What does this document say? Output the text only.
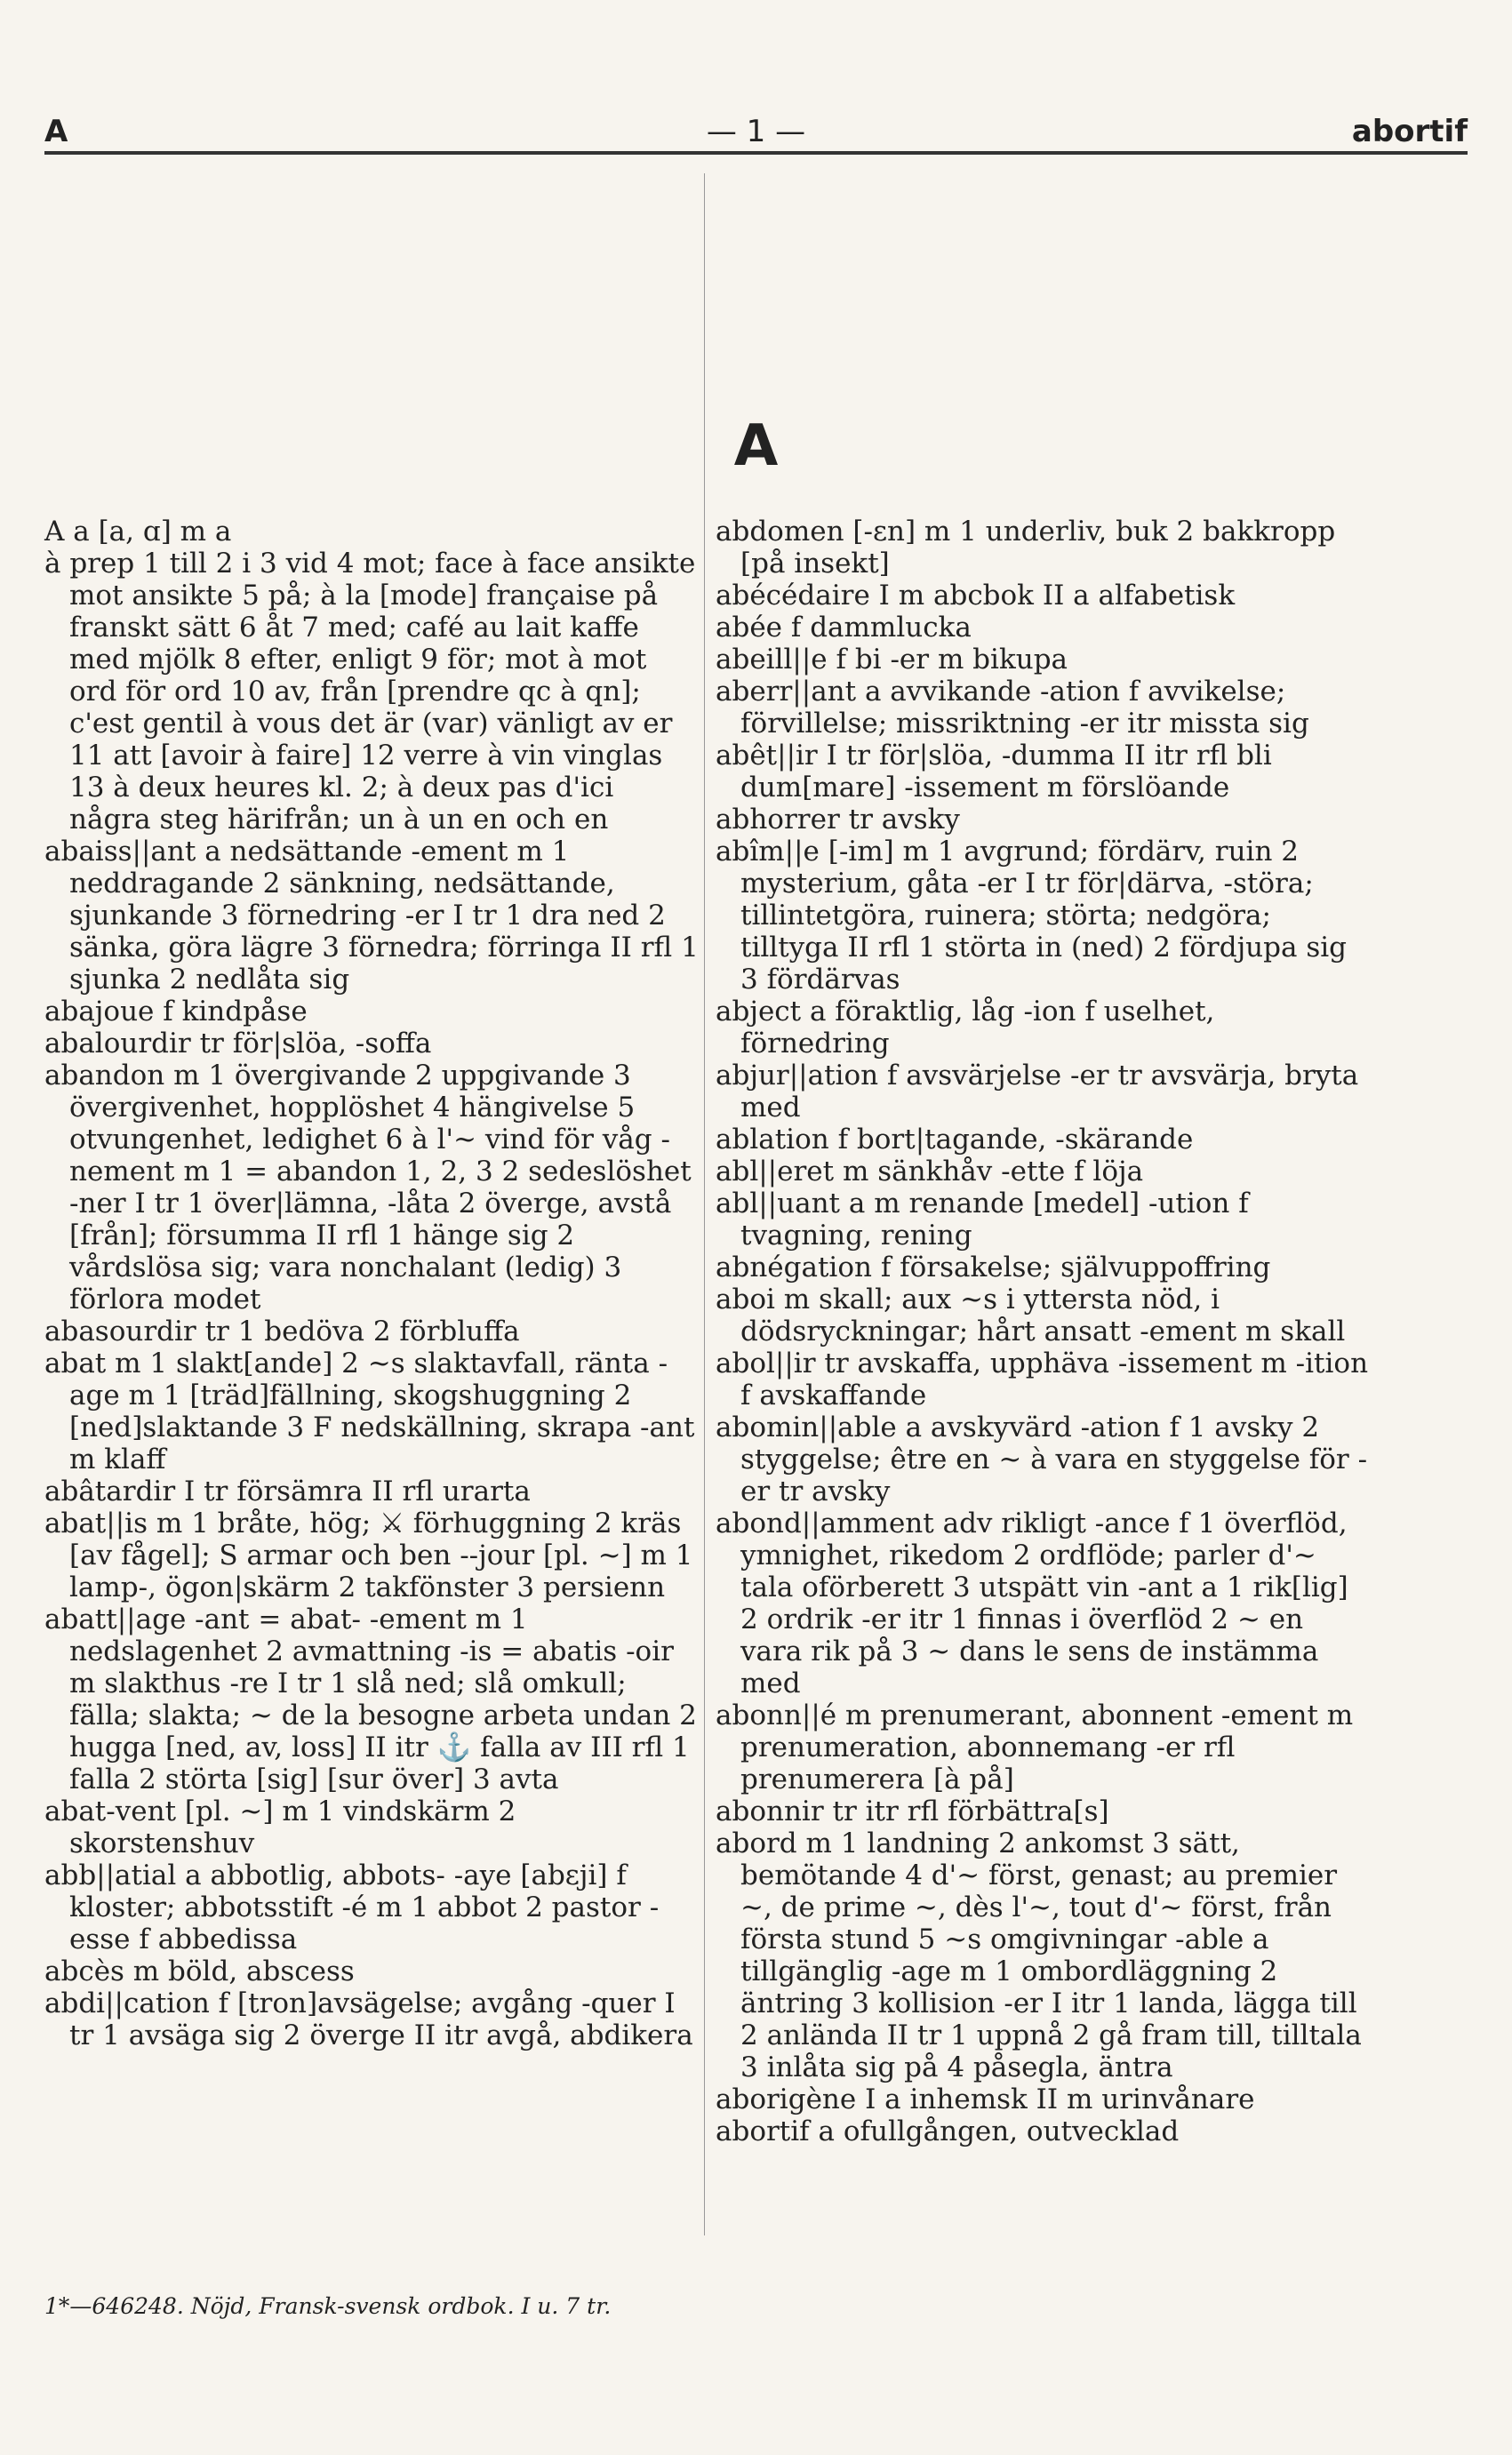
A	— 1 —	abortif
A

A a [a, ɑ] m a

à prep 1 till 2 i 3 vid 4 mot; face à face ansikte mot ansikte 5 på; à la [mode] française på franskt sätt 6 åt 7 med; café au lait kaffe med mjölk 8 efter, enligt 9 för; mot à mot ord för ord 10 av, från [prendre qc à qn]; c'est gentil à vous det är (var) vänligt av er 11 att [avoir à faire] 12 verre à vin vinglas 13 à deux heures kl. 2; à deux pas d'ici några steg härifrån; un à un en och en

abaiss||ant a nedsättande -ement m 1 neddragande 2 sänkning, nedsättande, sjunkande 3 förnedring -er I tr 1 dra ned 2 sänka, göra lägre 3 förnedra; förringa II rfl 1 sjunka 2 nedlåta sig

abajoue f kindpåse

abalourdir tr för|slöa, -soffa

abandon m 1 övergivande 2 uppgivande 3 övergivenhet, hopplöshet 4 hängivelse 5 otvungenhet, ledighet 6 à l'~ vind för våg -nement m 1 = abandon 1, 2, 3 2 sedeslöshet -ner I tr 1 över|lämna, -låta 2 överge, avstå [från]; försumma II rfl 1 hänge sig 2 vårdslösa sig; vara nonchalant (ledig) 3 förlora modet

abasourdir tr 1 bedöva 2 förbluffa

abat m 1 slakt[ande] 2 ~s slaktavfall, ränta -age m 1 [träd]fällning, skogshuggning 2 [ned]slaktande 3 F nedskällning, skrapa -ant m klaff

abâtardir I tr försämra II rfl urarta

abat||is m 1 bråte, hög; ⚔ förhuggning 2 kräs [av fågel]; S armar och ben --jour [pl. ~] m 1 lamp-, ögon|skärm 2 takfönster 3 persienn

abatt||age -ant = abat- -ement m 1 nedslagenhet 2 avmattning -is = abatis -oir m slakthus -re I tr 1 slå ned; slå omkull; fälla; slakta; ~ de la besogne arbeta undan 2 hugga [ned, av, loss] II itr ⚓ falla av III rfl 1 falla 2 störta [sig] [sur över] 3 avta

abat-vent [pl. ~] m 1 vindskärm 2 skorstenshuv

abb||atial a abbotlig, abbots- -aye [abɛji] f kloster; abbotsstift -é m 1 abbot 2 pastor -esse f abbedissa

abcès m böld, abscess

abdi||cation f [tron]avsägelse; avgång -quer I tr 1 avsäga sig 2 överge II itr avgå, abdikera

abdomen [-ɛn] m 1 underliv, buk 2 bakkropp [på insekt]

abécédaire I m abcbok II a alfabetisk

abée f dammlucka

abeill||e f bi -er m bikupa

aberr||ant a avvikande -ation f avvikelse; förvillelse; missriktning -er itr missta sig

abêt||ir I tr för|slöa, -dumma II itr rfl bli dum[mare] -issement m förslöande

abhorrer tr avsky

abîm||e [-im] m 1 avgrund; fördärv, ruin 2 mysterium, gåta -er I tr för|därva, -störa; tillintetgöra, ruinera; störta; nedgöra; tilltyga II rfl 1 störta in (ned) 2 fördjupa sig 3 fördärvas

abject a föraktlig, låg -ion f uselhet, förnedring

abjur||ation f avsvärjelse -er tr avsvärja, bryta med

ablation f bort|tagande, -skärande

abl||eret m sänkhåv -ette f löja

abl||uant a m renande [medel] -ution f tvagning, rening

abnégation f försakelse; självuppoffring

aboi m skall; aux ~s i yttersta nöd, i dödsryckningar; hårt ansatt -ement m skall

abol||ir tr avskaffa, upphäva -issement m -ition f avskaffande

abomin||able a avskyvärd -ation f 1 avsky 2 styggelse; être en ~ à vara en styggelse för -er tr avsky

abond||amment adv rikligt -ance f 1 överflöd, ymnighet, rikedom 2 ordflöde; parler d'~ tala oförberett 3 utspätt vin -ant a 1 rik[lig] 2 ordrik -er itr 1 finnas i överflöd 2 ~ en vara rik på 3 ~ dans le sens de instämma med

abonn||é m prenumerant, abonnent -ement m prenumeration, abonnemang -er rfl prenumerera [à på]

abonnir tr itr rfl förbättra[s]

abord m 1 landning 2 ankomst 3 sätt, bemötande 4 d'~ först, genast; au premier ~, de prime ~, dès l'~, tout d'~ först, från första stund 5 ~s omgivningar -able a tillgänglig -age m 1 ombordläggning 2 äntring 3 kollision -er I itr 1 landa, lägga till 2 anlända II tr 1 uppnå 2 gå fram till, tilltala 3 inlåta sig på 4 påsegla, äntra

aborigène I a inhemsk II m urinvånare

abortif a ofullgången, outvecklad

1*—646248. Nöjd, Fransk-svensk ordbok. I u. 7 tr.
